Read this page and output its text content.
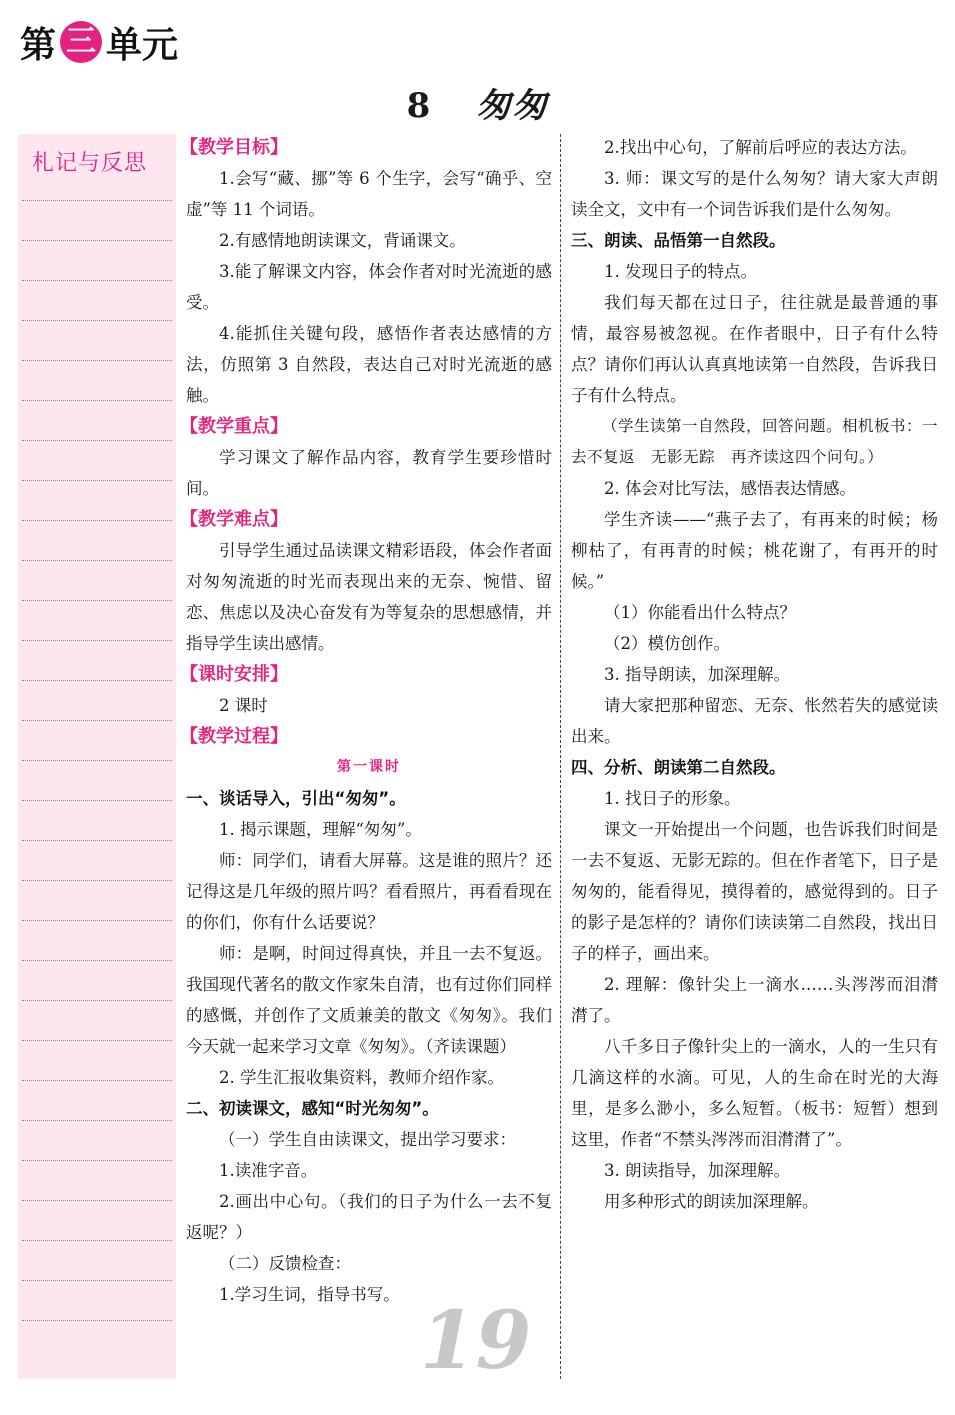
第 三 单元
8 匆匆
札记与反思

【教学目标】

1.会写“藏、挪”等 6 个生字，会写“确乎、空虚”等 11 个词语。

2.有感情地朗读课文，背诵课文。

3.能了解课文内容，体会作者对时光流逝的感受。

4.能抓住关键句段，感悟作者表达感情的方法，仿照第 3 自然段，表达自己对时光流逝的感触。

【教学重点】

学习课文了解作品内容，教育学生要珍惜时间。

【教学难点】

引导学生通过品读课文精彩语段，体会作者面对匆匆流逝的时光而表现出来的无奈、惋惜、留恋、焦虑以及决心奋发有为等复杂的思想感情，并指导学生读出感情。

【课时安排】

2 课时

【教学过程】

第一课时

一、谈话导入，引出“匆匆”。

1. 揭示课题，理解“匆匆”。

师：同学们，请看大屏幕。这是谁的照片？还记得这是几年级的照片吗？看看照片，再看看现在的你们，你有什么话要说？

师：是啊，时间过得真快，并且一去不复返。我国现代著名的散文作家朱自清，也有过你们同样的感慨，并创作了文质兼美的散文《匆匆》。我们今天就一起来学习文章《匆匆》。（齐读课题）

2. 学生汇报收集资料，教师介绍作家。

二、初读课文，感知“时光匆匆”。

（一）学生自由读课文，提出学习要求：

1.读准字音。

2.画出中心句。（我们的日子为什么一去不复返呢？）

（二）反馈检查：

1.学习生词，指导书写。

2.找出中心句，了解前后呼应的表达方法。

3. 师：课文写的是什么匆匆？请大家大声朗读全文，文中有一个词告诉我们是什么匆匆。

三、朗读、品悟第一自然段。

1. 发现日子的特点。

我们每天都在过日子，往往就是最普通的事情，最容易被忽视。在作者眼中，日子有什么特点？请你们再认认真真地读第一自然段，告诉我日子有什么特点。

（学生读第一自然段，回答问题。相机板书：一去不复返　无影无踪　再齐读这四个问句。）

2. 体会对比写法，感悟表达情感。

学生齐读——“燕子去了，有再来的时候；杨柳枯了，有再青的时候；桃花谢了，有再开的时候。”

（1）你能看出什么特点？

（2）模仿创作。

3. 指导朗读，加深理解。

请大家把那种留恋、无奈、怅然若失的感觉读出来。

四、分析、朗读第二自然段。

1. 找日子的形象。

课文一开始提出一个问题，也告诉我们时间是一去不复返、无影无踪的。但在作者笔下，日子是匆匆的，能看得见，摸得着的，感觉得到的。日子的影子是怎样的？请你们读读第二自然段，找出日子的样子，画出来。

2. 理解：像针尖上一滴水……头涔涔而泪潸潸了。

八千多日子像针尖上的一滴水，人的一生只有几滴这样的水滴。可见，人的生命在时光的大海里，是多么渺小，多么短暂。（板书：短暂）想到这里，作者“不禁头涔涔而泪潸潸了”。

3. 朗读指导，加深理解。

用多种形式的朗读加深理解。

19
